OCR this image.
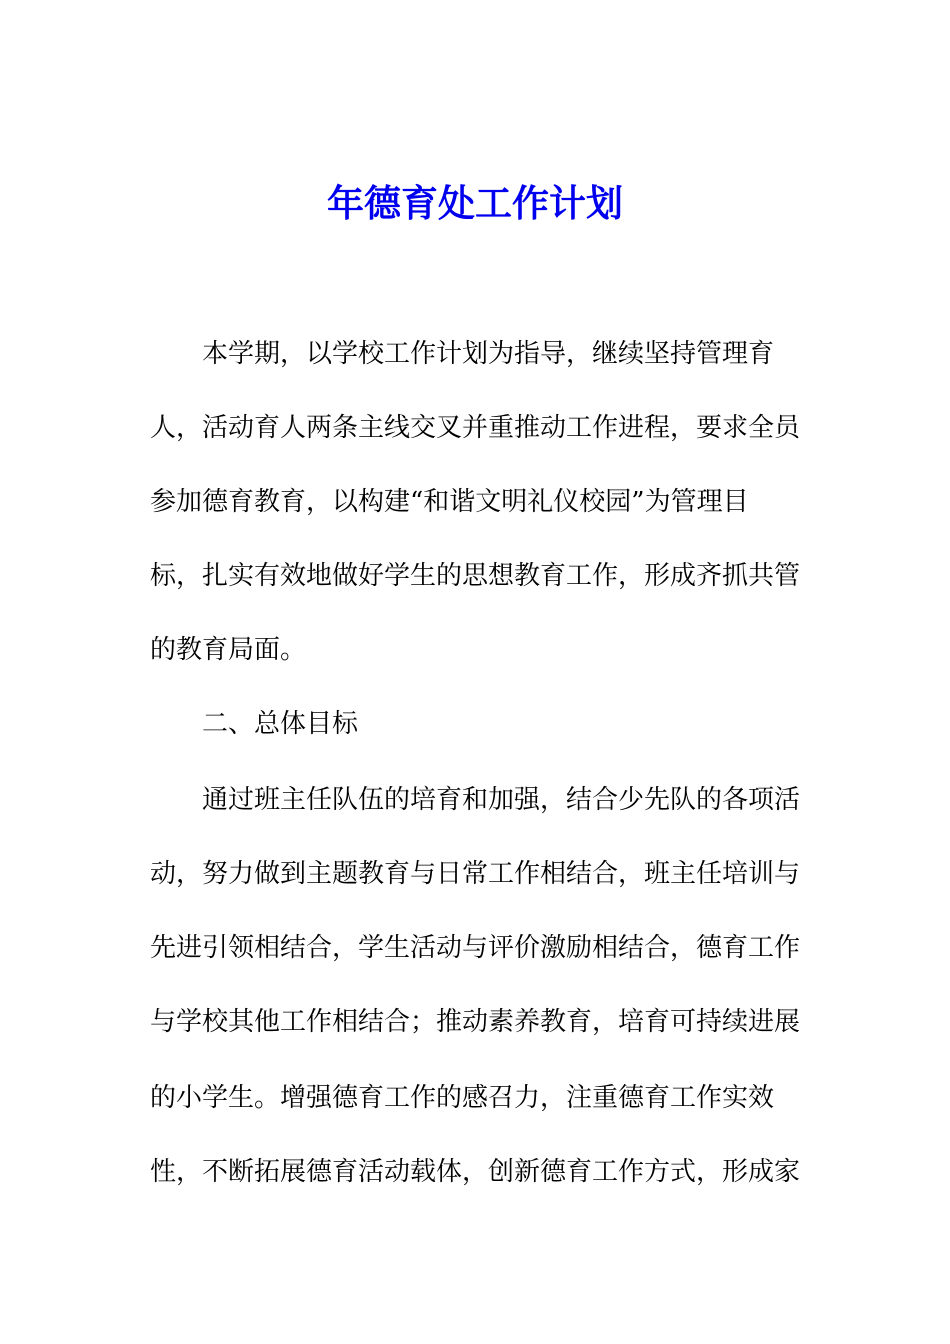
年德育处工作计划

本学期，以学校工作计划为指导，继续坚持管理育

人，活动育人两条主线交叉并重推动工作进程，要求全员

参加德育教育，以构建“和谐文明礼仪校园”为管理目

标，扎实有效地做好学生的思想教育工作，形成齐抓共管

的教育局面。

二、总体目标

通过班主任队伍的培育和加强，结合少先队的各项活

动，努力做到主题教育与日常工作相结合，班主任培训与

先进引领相结合，学生活动与评价激励相结合，德育工作

与学校其他工作相结合；推动素养教育，培育可持续进展

的小学生。增强德育工作的感召力，注重德育工作实效

性，不断拓展德育活动载体，创新德育工作方式，形成家
